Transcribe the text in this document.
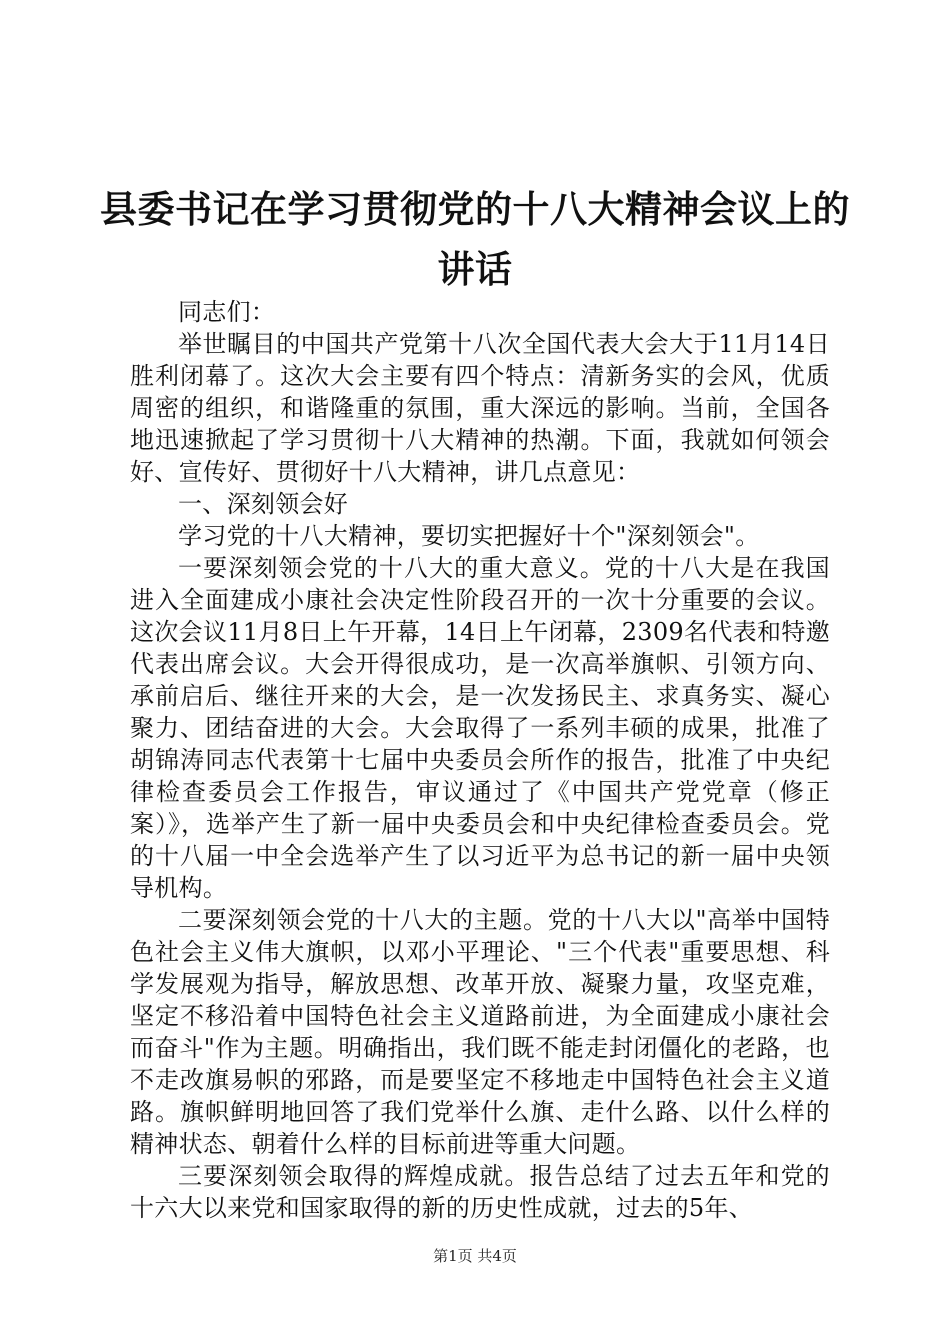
县委书记在学习贯彻党的十八大精神会议上的
讲话

同志们：

举世瞩目的中国共产党第十八次全国代表大会大于11月14日胜利闭幕了。这次大会主要有四个特点：清新务实的会风，优质周密的组织，和谐隆重的氛围，重大深远的影响。当前，全国各地迅速掀起了学习贯彻十八大精神的热潮。下面，我就如何领会好、宣传好、贯彻好十八大精神，讲几点意见：

一、深刻领会好

学习党的十八大精神，要切实把握好十个"深刻领会"。

一要深刻领会党的十八大的重大意义。党的十八大是在我国进入全面建成小康社会决定性阶段召开的一次十分重要的会议。这次会议11月8日上午开幕，14日上午闭幕，2309名代表和特邀代表出席会议。大会开得很成功，是一次高举旗帜、引领方向、承前启后、继往开来的大会，是一次发扬民主、求真务实、凝心聚力、团结奋进的大会。大会取得了一系列丰硕的成果，批准了胡锦涛同志代表第十七届中央委员会所作的报告，批准了中央纪律检查委员会工作报告，审议通过了《中国共产党党章（修正案）》，选举产生了新一届中央委员会和中央纪律检查委员会。党的十八届一中全会选举产生了以习近平为总书记的新一届中央领导机构。

二要深刻领会党的十八大的主题。党的十八大以"高举中国特色社会主义伟大旗帜，以邓小平理论、"三个代表"重要思想、科学发展观为指导，解放思想、改革开放、凝聚力量，攻坚克难，坚定不移沿着中国特色社会主义道路前进，为全面建成小康社会而奋斗"作为主题。明确指出，我们既不能走封闭僵化的老路，也不走改旗易帜的邪路，而是要坚定不移地走中国特色社会主义道路。旗帜鲜明地回答了我们党举什么旗、走什么路、以什么样的精神状态、朝着什么样的目标前进等重大问题。

三要深刻领会取得的辉煌成就。报告总结了过去五年和党的十六大以来党和国家取得的新的历史性成就，过去的5年、

第1页 共4页
